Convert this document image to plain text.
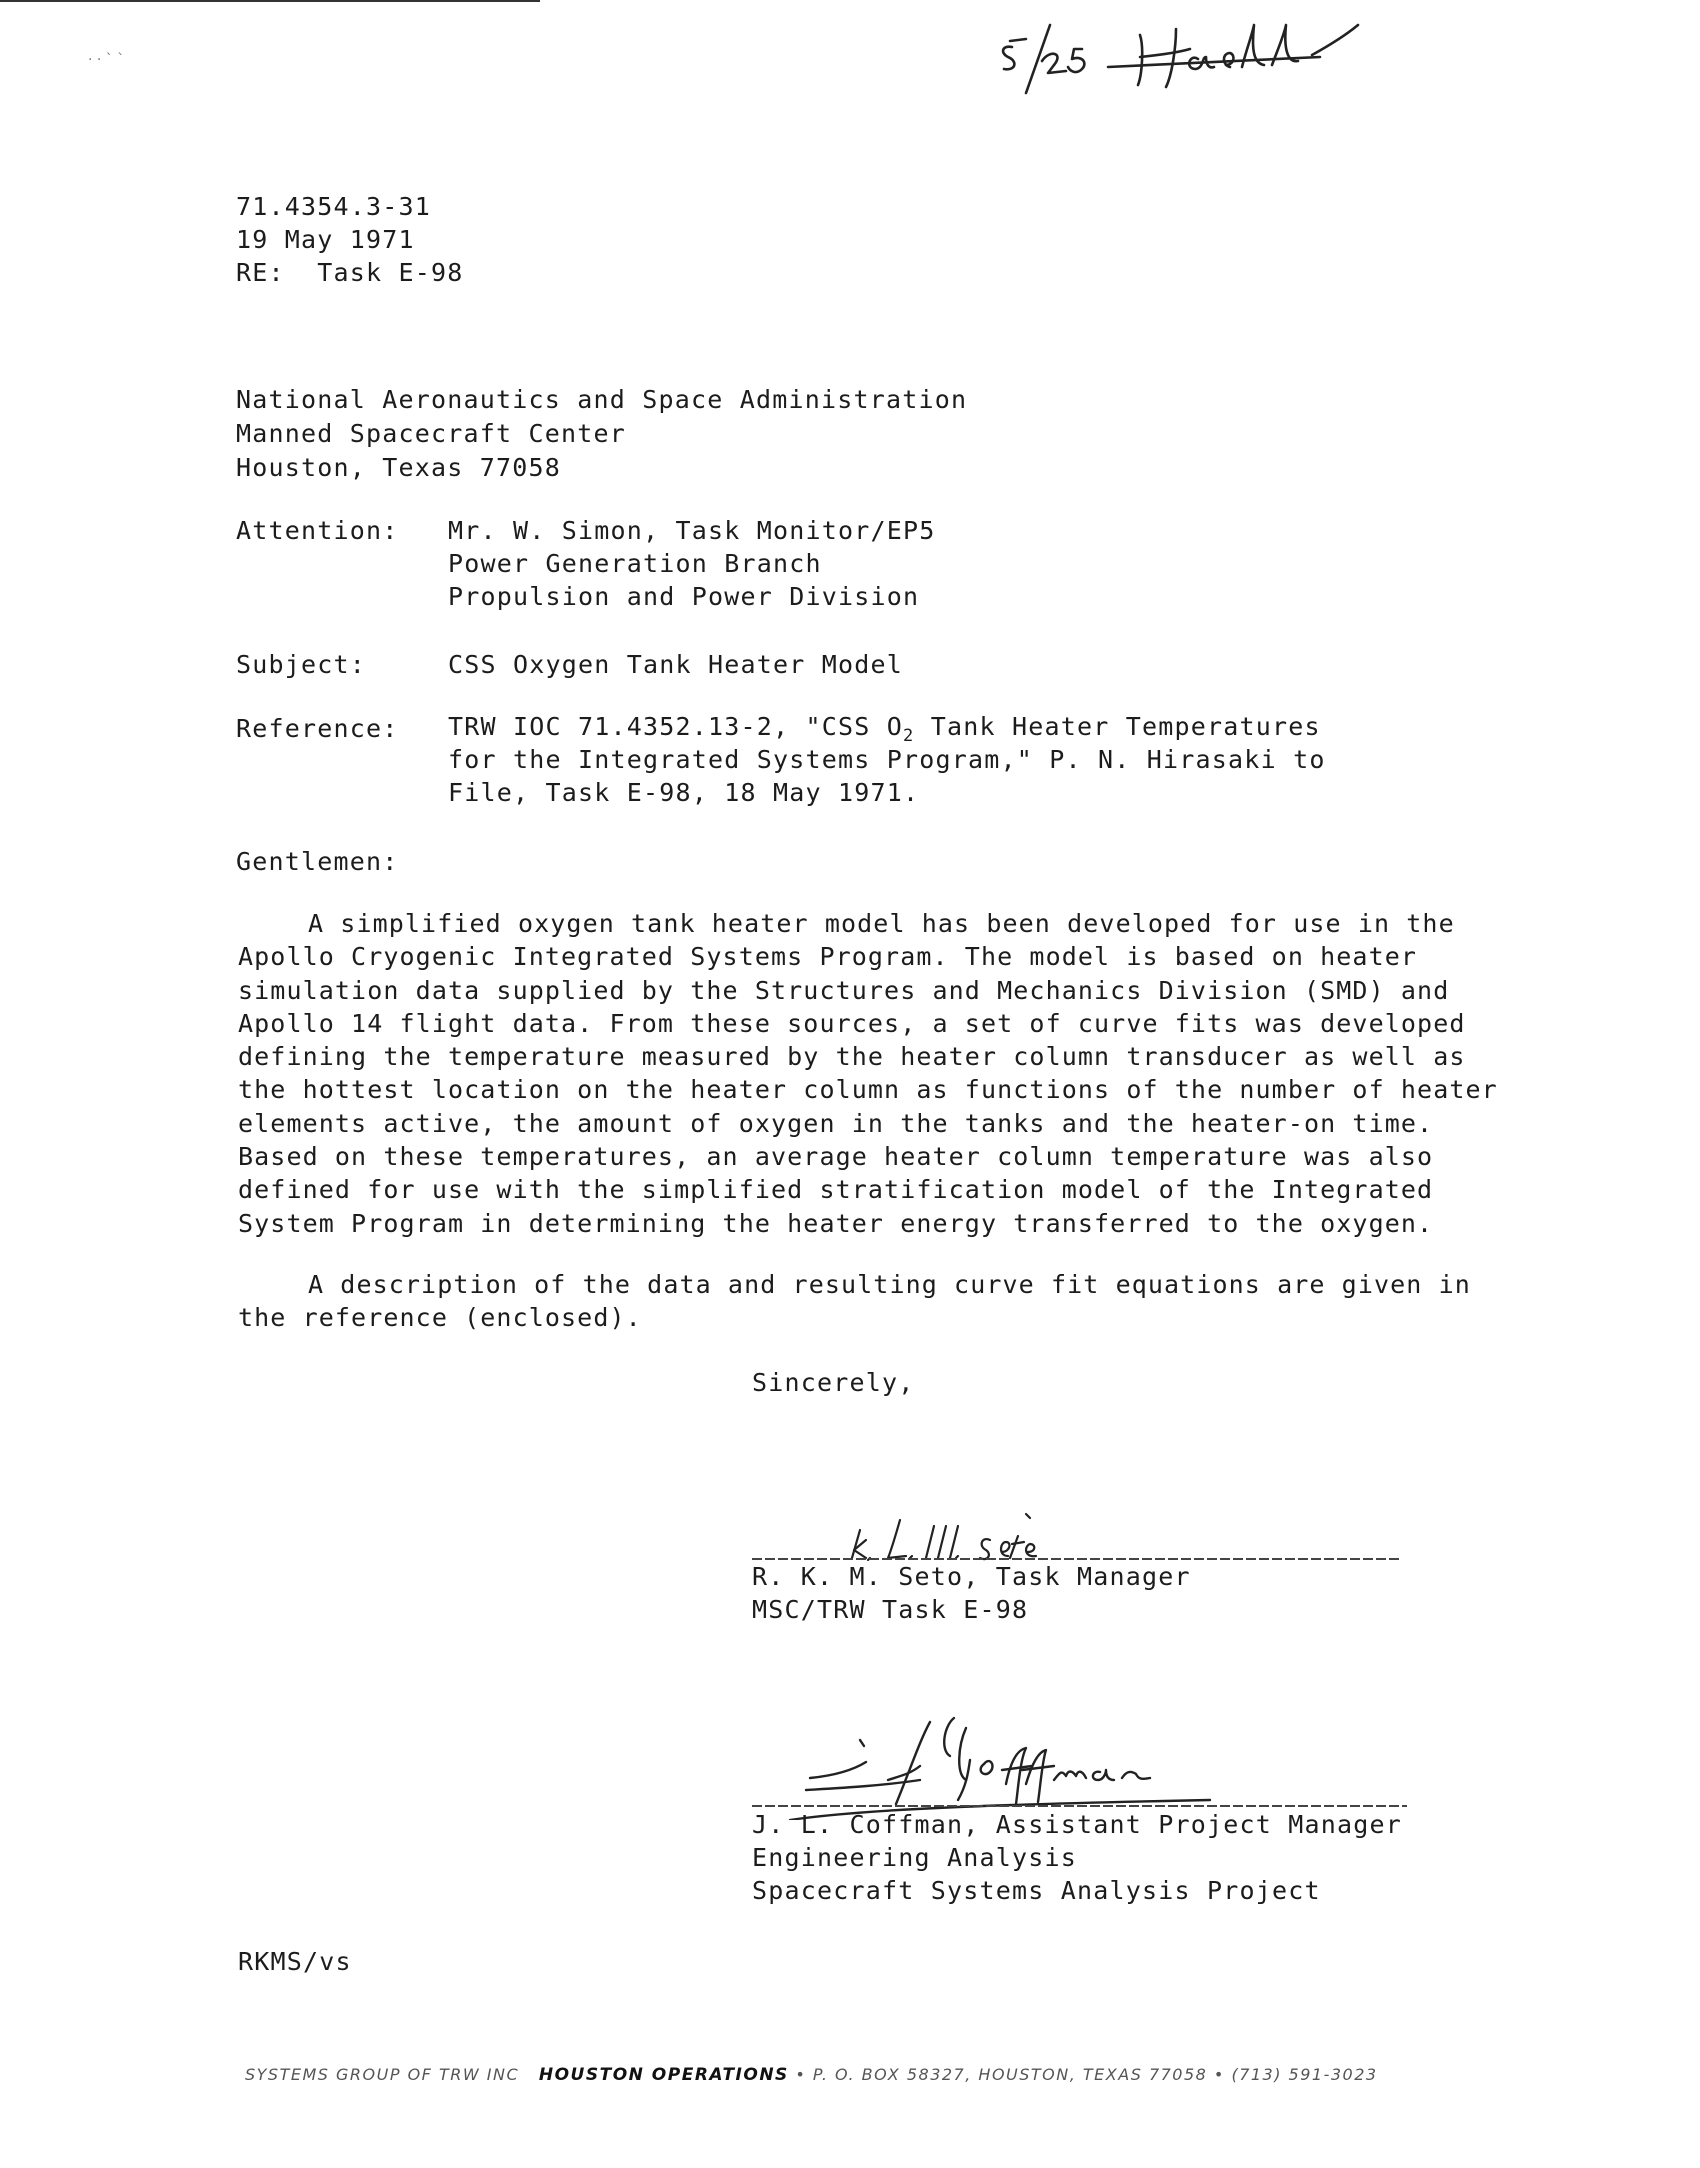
· · ` `
71.4354.3-31
19 May 1971
RE:  Task E-98
National Aeronautics and Space Administration
Manned Spacecraft Center
Houston, Texas 77058
Attention: Mr. W. Simon, Task Monitor/EP5
Power Generation Branch
Propulsion and Power Division
Subject:	CSS Oxygen Tank Heater Model
Reference: TRW IOC 71.4352.13-2, "CSS $O_2$ Tank Heater Temperatures
for the Integrated Systems Program," P. N. Hirasaki to
File, Task E-98, 18 May 1971.
Gentlemen:

A simplified oxygen tank heater model has been developed for use in the Apollo Cryogenic Integrated Systems Program. The model is based on heater simulation data supplied by the Structures and Mechanics Division (SMD) and Apollo 14 flight data. From these sources, a set of curve fits was developed defining the temperature measured by the heater column transducer as well as the hottest location on the heater column as functions of the number of heater elements active, the amount of oxygen in the tanks and the heater-on time. Based on these temperatures, an average heater column temperature was also defined for use with the simplified stratification model of the Integrated System Program in determining the heater energy transferred to the oxygen.

A description of the data and resulting curve fit equations are given in the reference (enclosed).

Sincerely,
R. K. M. Seto, Task Manager
MSC/TRW Task E-98
J. L. Coffman, Assistant Project Manager
Engineering Analysis
Spacecraft Systems Analysis Project
RKMS/vs
SYSTEMS GROUP OF TRW INC HOUSTON OPERATIONS • P. O. BOX 58327, HOUSTON, TEXAS 77058 • (713) 591-3023
